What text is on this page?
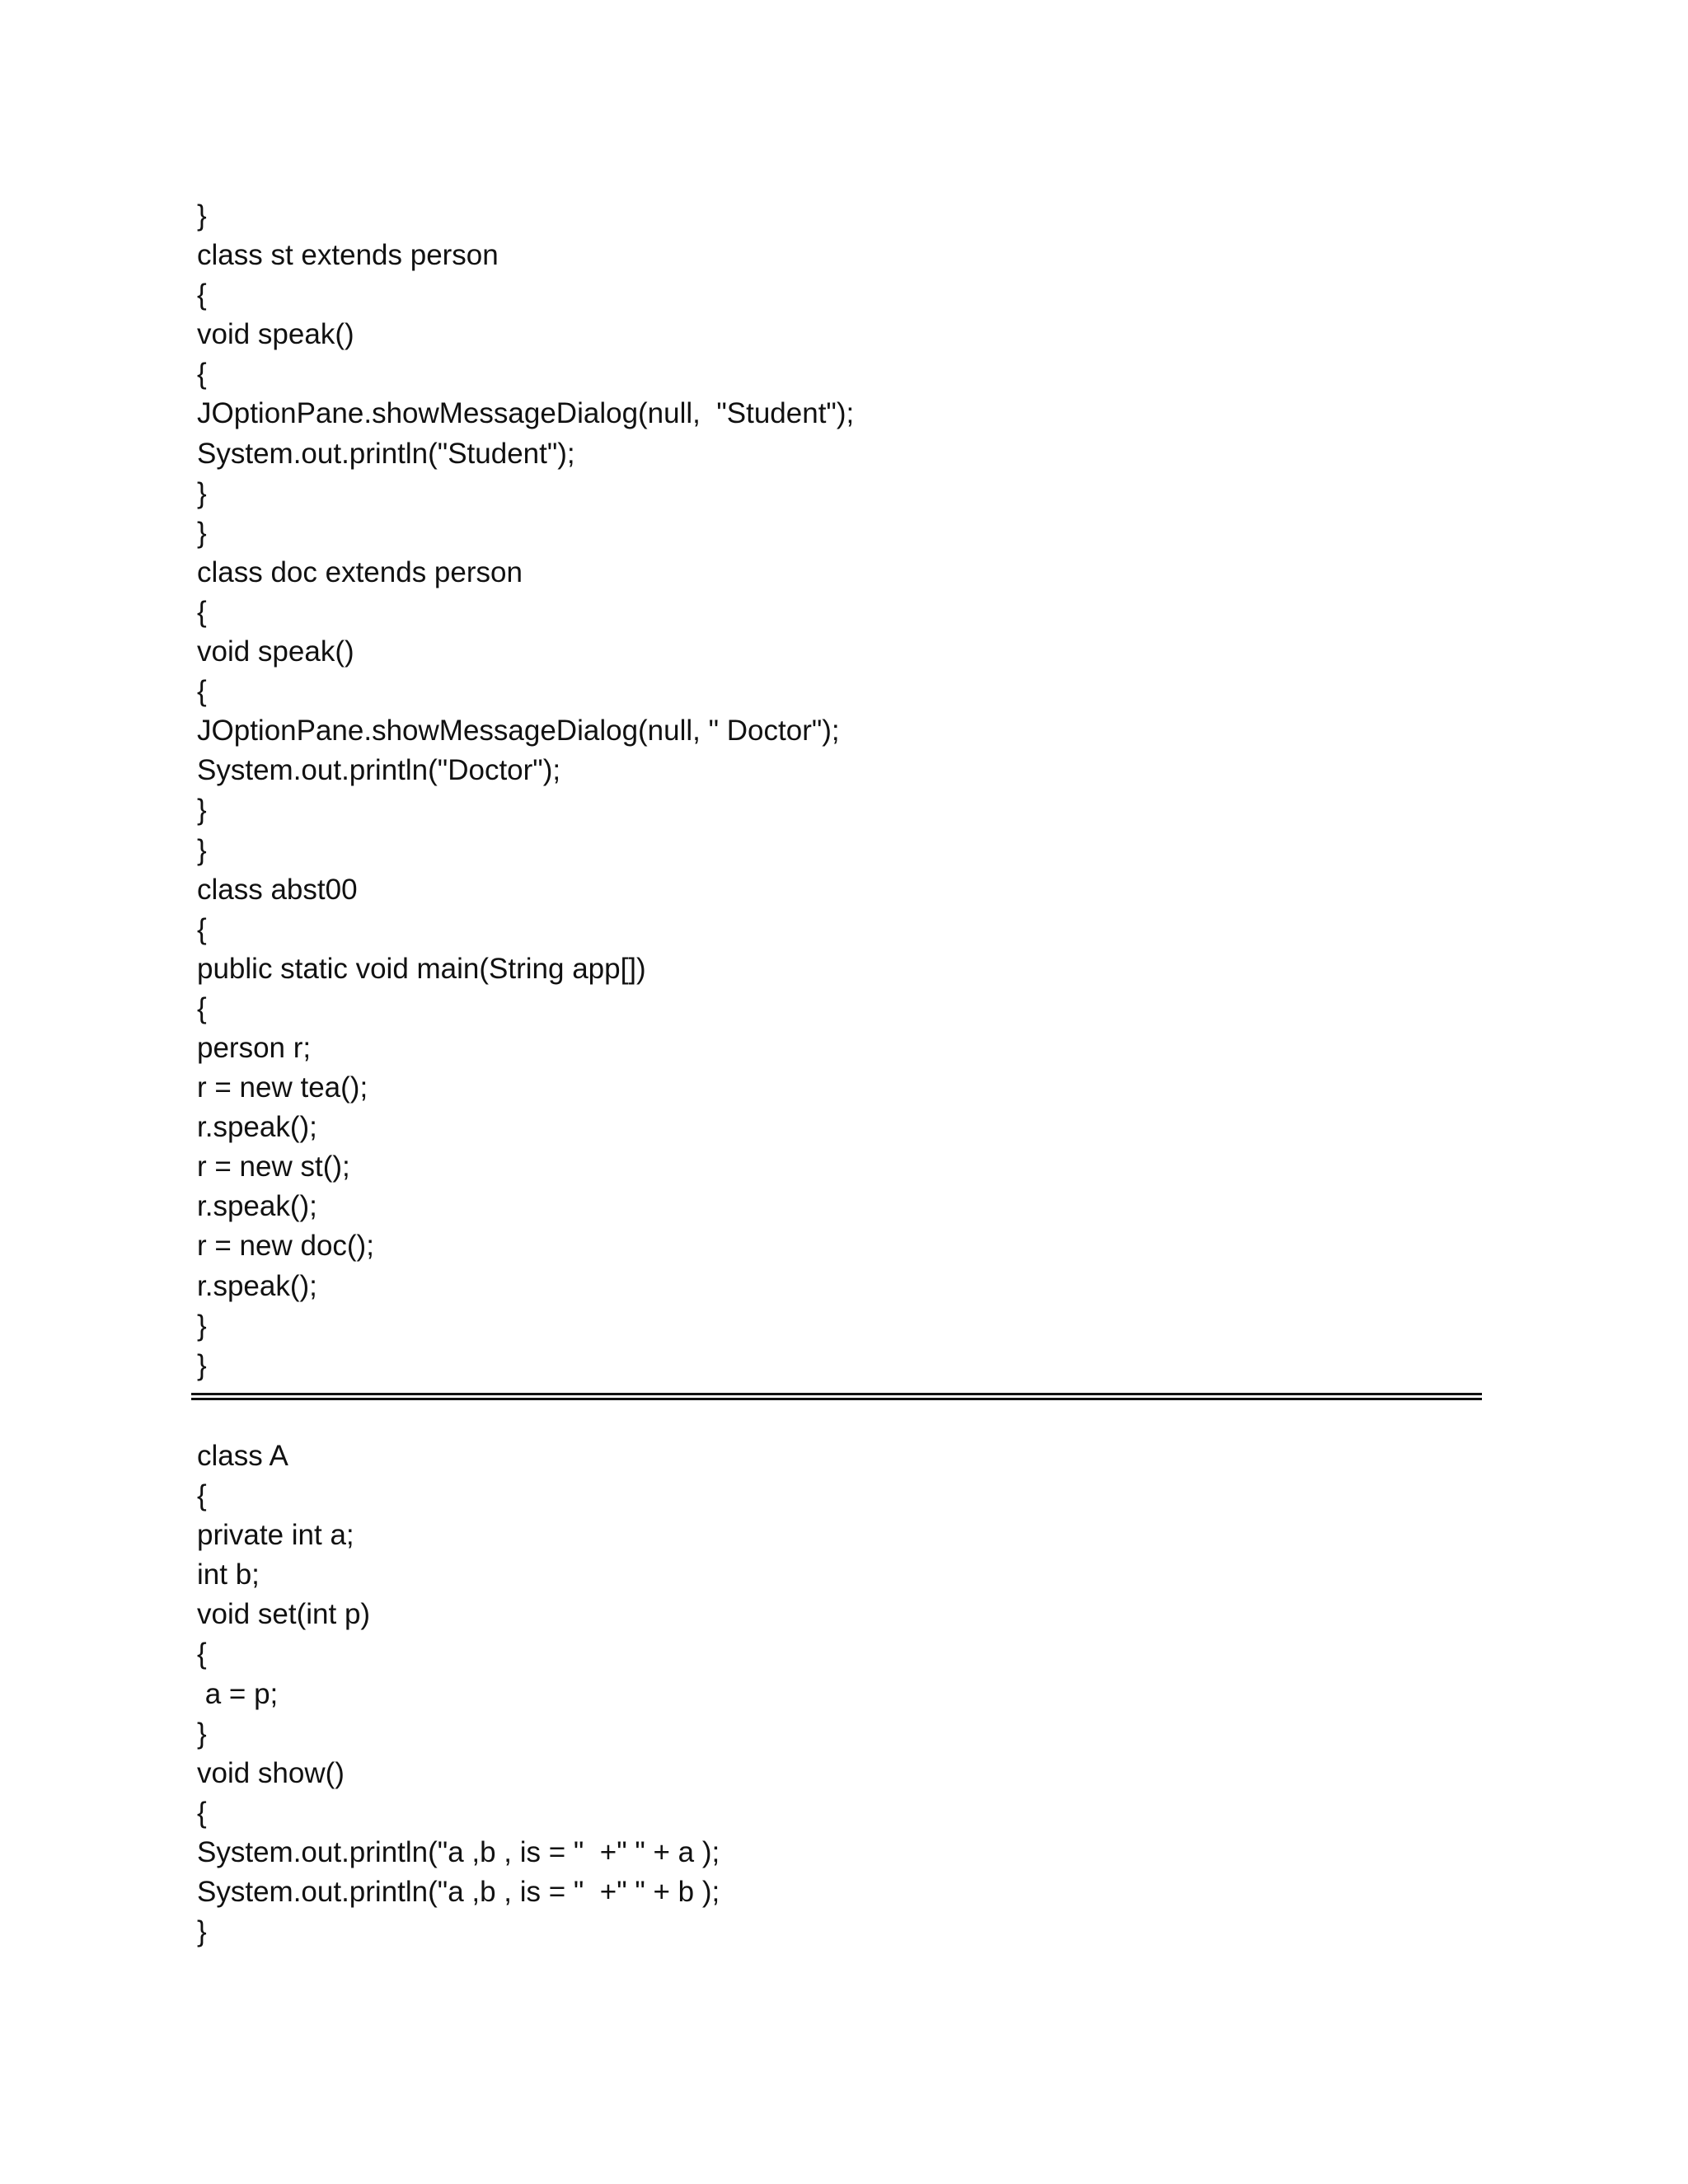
}
class st extends person
{
void speak()
{
JOptionPane.showMessageDialog(null,  "Student");
System.out.println("Student");
}
}
class doc extends person
{
void speak()
{
JOptionPane.showMessageDialog(null, " Doctor");
System.out.println("Doctor");
}
}
class abst00
{
public static void main(String app[])
{
person r;
r = new tea();
r.speak();
r = new st();
r.speak();
r = new doc();
r.speak();
}
}
class A
{
private int a;
int b;
void set(int p)
{
a = p;
}
void show()
{
System.out.println("a ,b , is = "  +" " + a );
System.out.println("a ,b , is = "  +" " + b );
}
